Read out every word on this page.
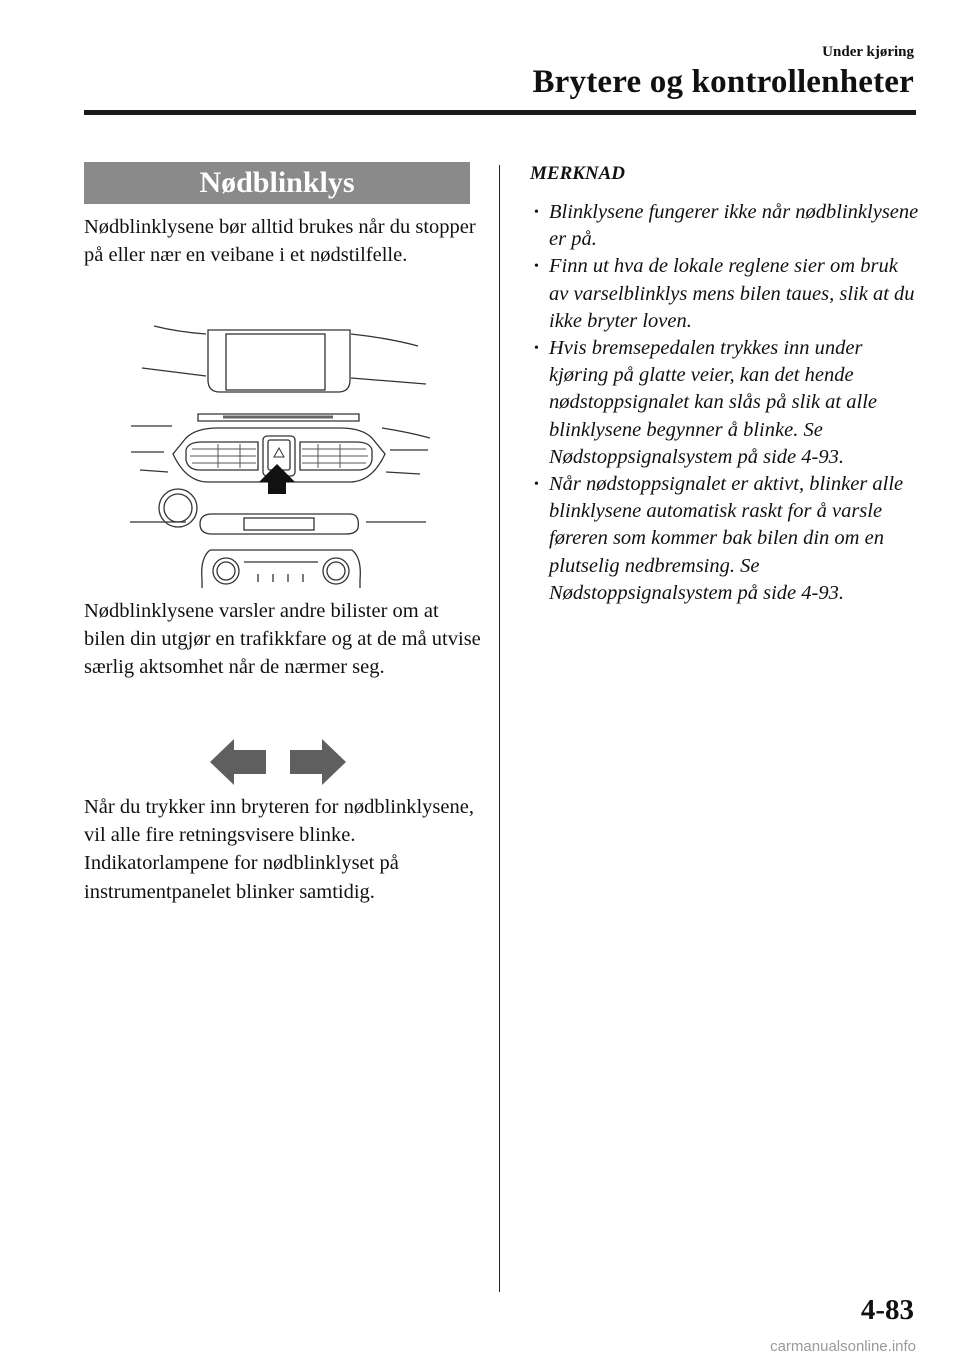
Under kjøring
Brytere og kontrollenheter
Nødblinklys
Nødblinklysene bør alltid brukes når du stopper på eller nær en veibane i et nødstilfelle.
Nødblinklysene varsler andre bilister om at bilen din utgjør en trafikkfare og at de må utvise særlig aktsomhet når de nærmer seg.
Når du trykker inn bryteren for nødblinklysene, vil alle fire retningsvisere blinke. Indikatorlampene for nødblinklyset på instrumentpanelet blinker samtidig.
MERKNAD
• Blinklysene fungerer ikke når nødblinklysene er på.
• Finn ut hva de lokale reglene sier om bruk av varselblinklys mens bilen taues, slik at du ikke bryter loven.
• Hvis bremsepedalen trykkes inn under kjøring på glatte veier, kan det hende nødstoppsignalet kan slås på slik at alle blinklysene begynner å blinke. Se Nødstoppsignalsystem på side 4-93.
• Når nødstoppsignalet er aktivt, blinker alle blinklysene automatisk raskt for å varsle føreren som kommer bak bilen din om en plutselig nedbremsing. Se Nødstoppsignalsystem på side 4-93.
4-83
carmanualsonline.info
